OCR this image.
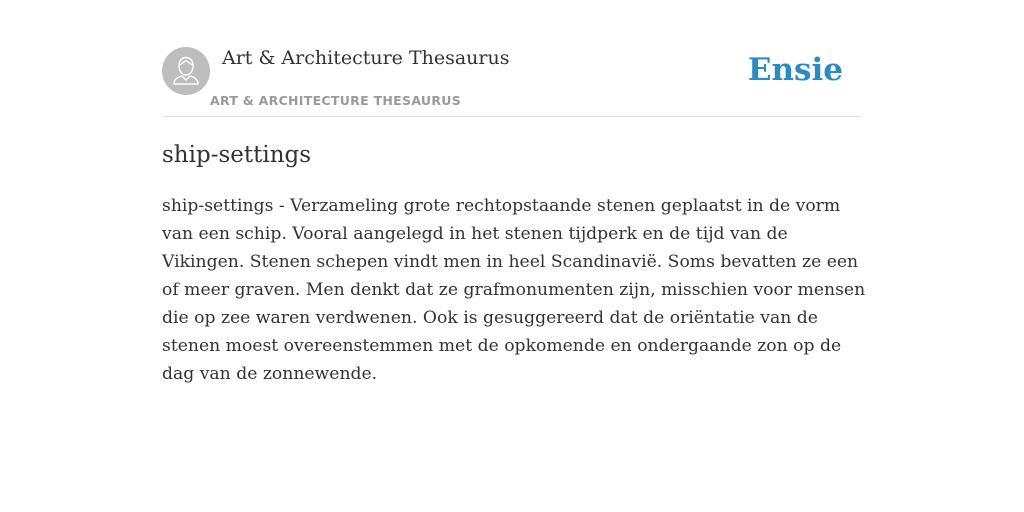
Art & Architecture Thesaurus
ART & ARCHITECTURE THESAURUS
Ensie
ship-settings

ship-settings - Verzameling grote rechtopstaande stenen geplaatst in de vorm van een schip. Vooral aangelegd in het stenen tijdperk en de tijd van de Vikingen. Stenen schepen vindt men in heel Scandinavië. Soms bevatten ze een of meer graven. Men denkt dat ze grafmonumenten zijn, misschien voor mensen die op zee waren verdwenen. Ook is gesuggereerd dat de oriëntatie van de stenen moest overeenstemmen met de opkomende en ondergaande zon op de dag van de zonnewende.
